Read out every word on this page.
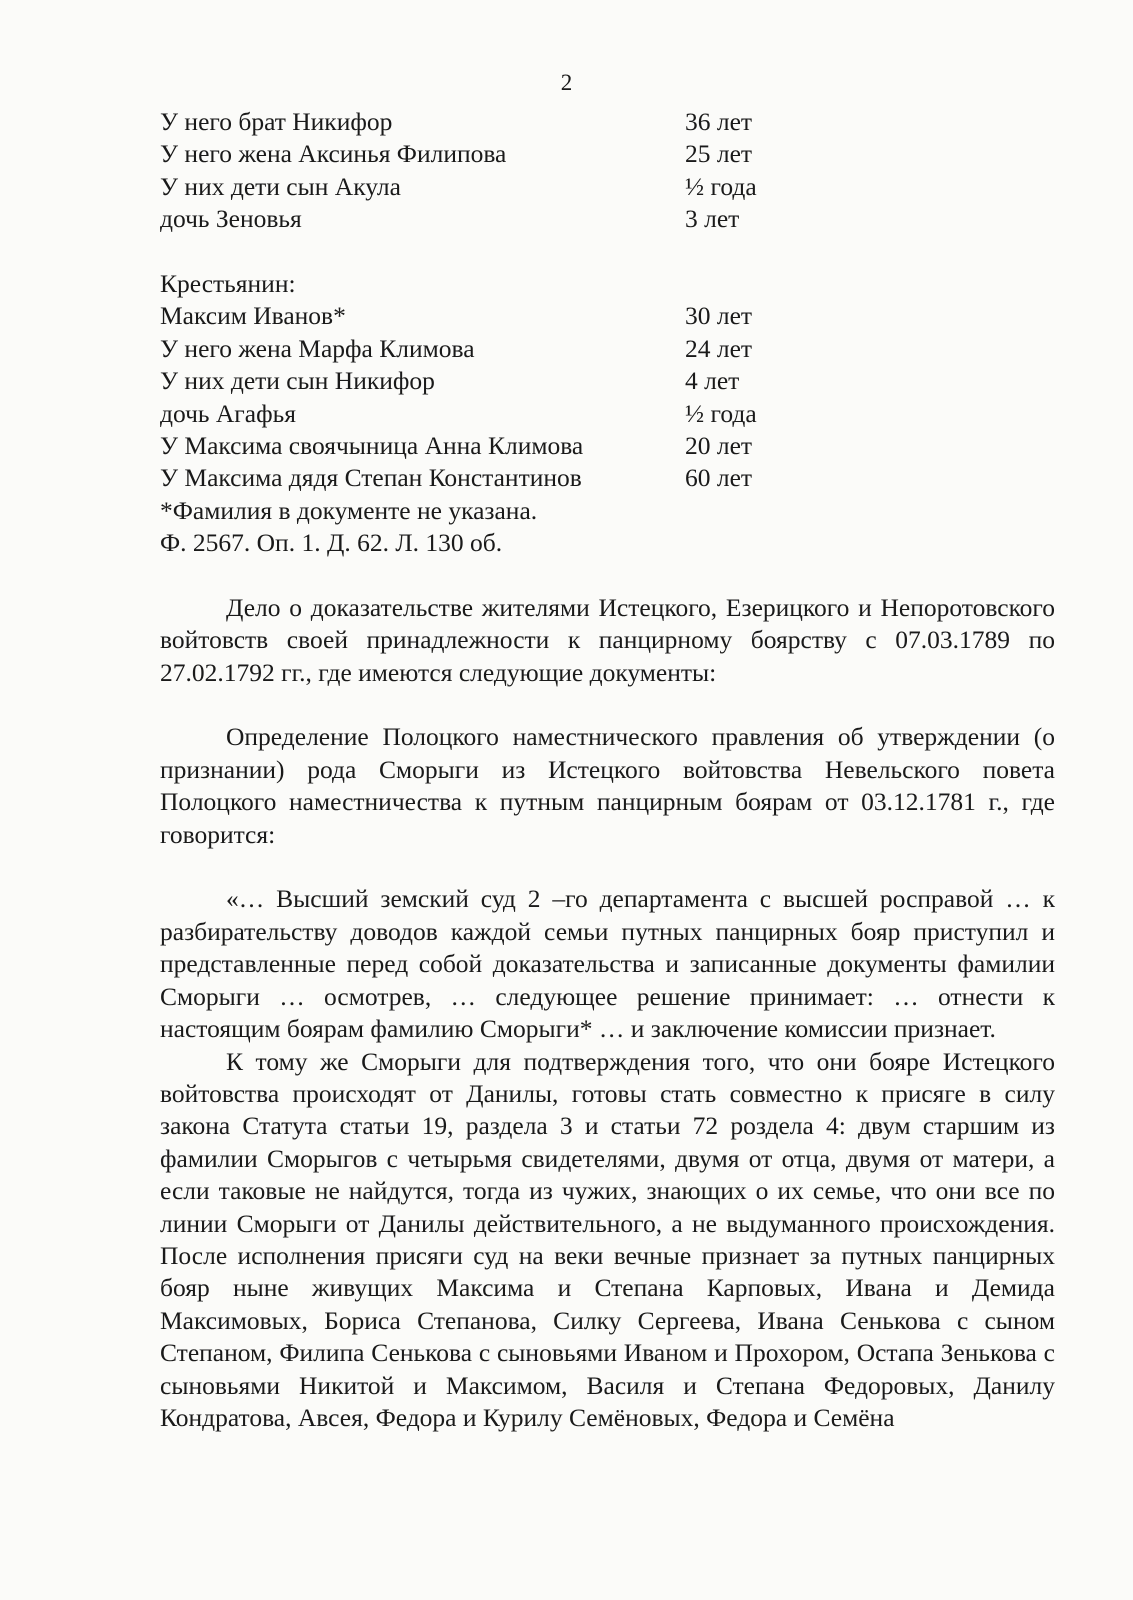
2
У него брат Никифор	36 лет
У него жена Аксинья Филипова	25 лет
У них дети сын Акула	½ года
дочь Зеновья	3 лет
Крестьянин:
Максим Иванов*	30 лет
У него жена Марфа Климова	24 лет
У них дети сын Никифор	4 лет
дочь Агафья	½ года
У Максима своячыница Анна Климова	20 лет
У Максима дядя Степан Константинов	60 лет
*Фамилия в документе не указана.
Ф. 2567. Оп. 1. Д. 62. Л. 130 об.

Дело о доказательстве жителями Истецкого, Езерицкого и Непоротовского войтовств своей принадлежности к панцирному боярству с 07.03.1789 по 27.02.1792 гг., где имеются следующие документы:

Определение Полоцкого наместнического правления об утверждении (о признании) рода Сморыги из Истецкого войтовства Невельского повета Полоцкого наместничества к путным панцирным боярам от 03.12.1781 г., где говорится:

«… Высший земский суд 2 –го департамента с высшей росправой … к разбирательству доводов каждой семьи путных панцирных бояр приступил и представленные перед собой доказательства и записанные документы фамилии Сморыги … осмотрев, … следующее решение принимает: … отнести к настоящим боярам фамилию Сморыги* … и заключение комиссии признает.

К тому же Сморыги для подтверждения того, что они бояре Истецкого войтовства происходят от Данилы, готовы стать совместно к присяге в силу закона Статута статьи 19, раздела 3 и статьи 72 роздела 4: двум старшим из фамилии Сморыгов с четырьмя свидетелями, двумя от отца, двумя от матери, а если таковые не найдутся, тогда из чужих, знающих о их семье, что они все по линии Сморыги от Данилы действительного, а не выдуманного происхождения. После исполнения присяги суд на веки вечные признает за путных панцирных бояр ныне живущих Максима и Степана Карповых, Ивана и Демида Максимовых, Бориса Степанова, Силку Сергеева, Ивана Сенькова с сыном Степаном, Филипа Сенькова с сыновьями Иваном и Прохором, Остапа Зенькова с сыновьями Никитой и Максимом, Василя и Степана Федоровых, Данилу Кондратова, Авсея, Федора и Курилу Семёновых, Федора и Семёна
